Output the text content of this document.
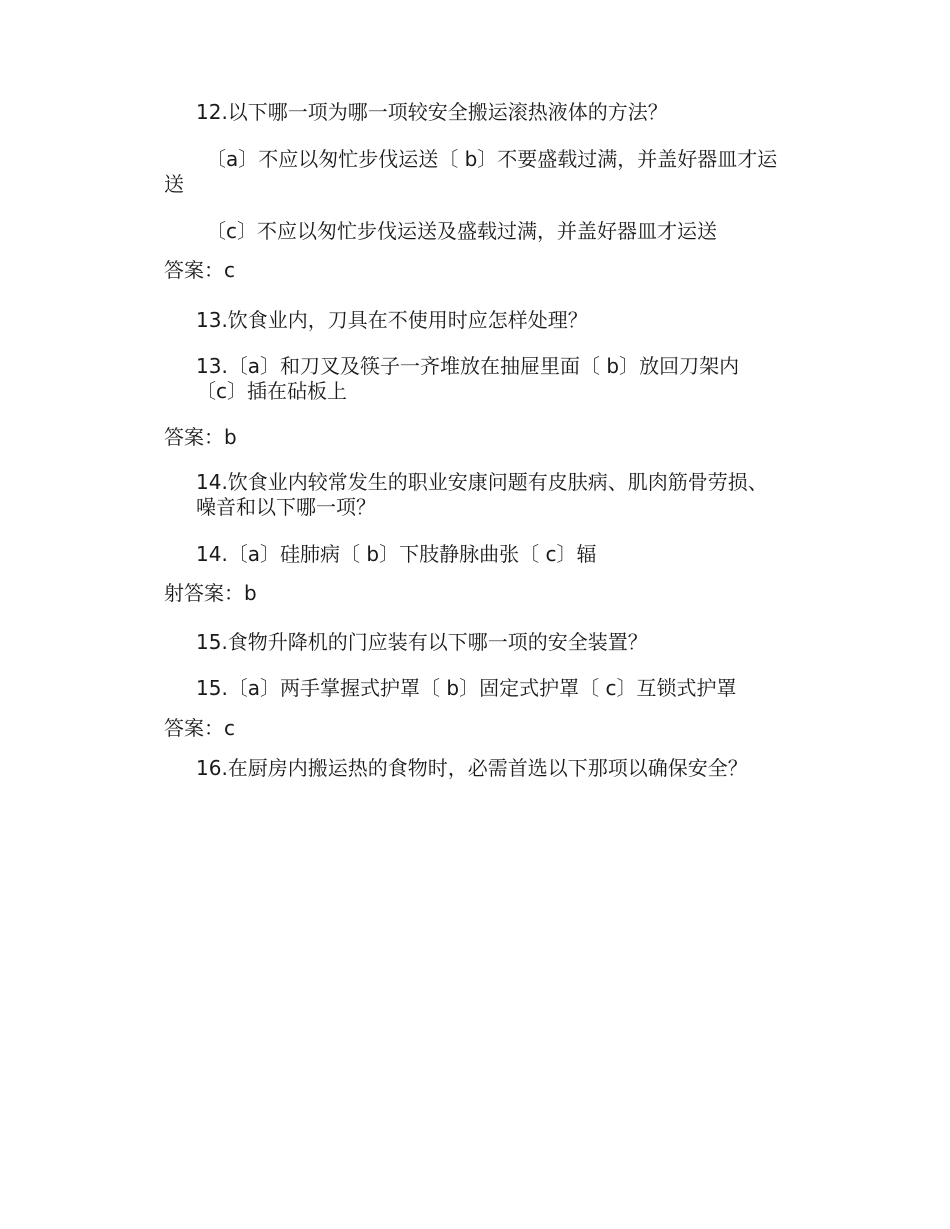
12.以下哪一项为哪一项较安全搬运滚热液体的方法？
〔a〕不应以匆忙步伐运送〔 b〕不要盛载过满，并盖好器皿才运送
〔c〕不应以匆忙步伐运送及盛载过满，并盖好器皿才运送
答案：c
13.饮食业内，刀具在不使用时应怎样处理？
13.〔a〕和刀叉及筷子一齐堆放在抽屉里面〔 b〕放回刀架内〔c〕插在砧板上
答案：b
14.饮食业内较常发生的职业安康问题有皮肤病、肌肉筋骨劳损、噪音和以下哪一项？
14.〔a〕硅肺病〔 b〕下肢静脉曲张〔 c〕辐
射答案：b
15.食物升降机的门应装有以下哪一项的安全装置？
15.〔a〕两手掌握式护罩〔 b〕固定式护罩〔 c〕互锁式护罩
答案：c
16.在厨房内搬运热的食物时，必需首选以下那项以确保安全？
